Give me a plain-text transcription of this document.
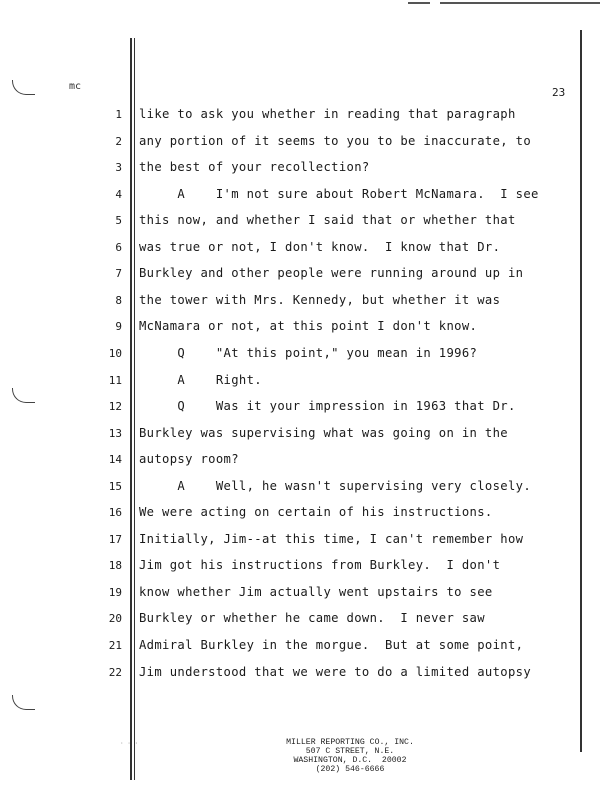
mc	23
1 like to ask you whether in reading that paragraph
2 any portion of it seems to you to be inaccurate, to
3 the best of your recollection?
4 A    I'm not sure about Robert McNamara.  I see
5 this now, and whether I said that or whether that
6 was true or not, I don't know.  I know that Dr.
7 Burkley and other people were running around up in
8 the tower with Mrs. Kennedy, but whether it was
9 McNamara or not, at this point I don't know.
10 Q    "At this point," you mean in 1996?
11 A    Right.
12 Q    Was it your impression in 1963 that Dr.
13 Burkley was supervising what was going on in the
14 autopsy room?
15 A    Well, he wasn't supervising very closely.
16 We were acting on certain of his instructions.
17 Initially, Jim--at this time, I can't remember how
18 Jim got his instructions from Burkley.  I don't
19 know whether Jim actually went upstairs to see
20 Burkley or whether he came down.  I never saw
21 Admiral Burkley in the morgue.  But at some point,
22 Jim understood that we were to do a limited autopsy
· · ·	MILLER REPORTING CO., INC.
507 C STREET, N.E.
WASHINGTON, D.C.  20002
(202) 546-6666
